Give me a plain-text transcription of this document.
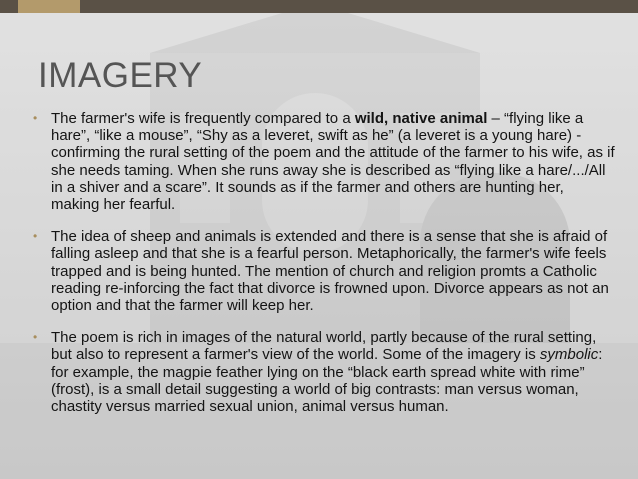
IMAGERY
• The farmer's wife is frequently compared to a wild, native animal – “flying like a hare”, “like a mouse”, “Shy as a leveret, swift as he” (a leveret is a young hare) - confirming the rural setting of the poem and the attitude of the farmer to his wife, as if she needs taming. When she runs away she is described as “flying like a hare/.../All in a shiver and a scare”. It sounds as if the farmer and others are hunting her, making her fearful.
• The idea of sheep and animals is extended and there is a sense that she is afraid of falling asleep and that she is a fearful person. Metaphorically, the farmer's wife feels trapped and is being hunted. The mention of church and religion promts a Catholic reading re-inforcing the fact that divorce is frowned upon. Divorce appears as not an option and that the farmer will keep her.
• The poem is rich in images of the natural world, partly because of the rural setting, but also to represent a farmer's view of the world. Some of the imagery is symbolic: for example, the magpie feather lying on the “black earth spread white with rime” (frost), is a small detail suggesting a world of big contrasts: man versus woman, chastity versus married sexual union, animal versus human.
